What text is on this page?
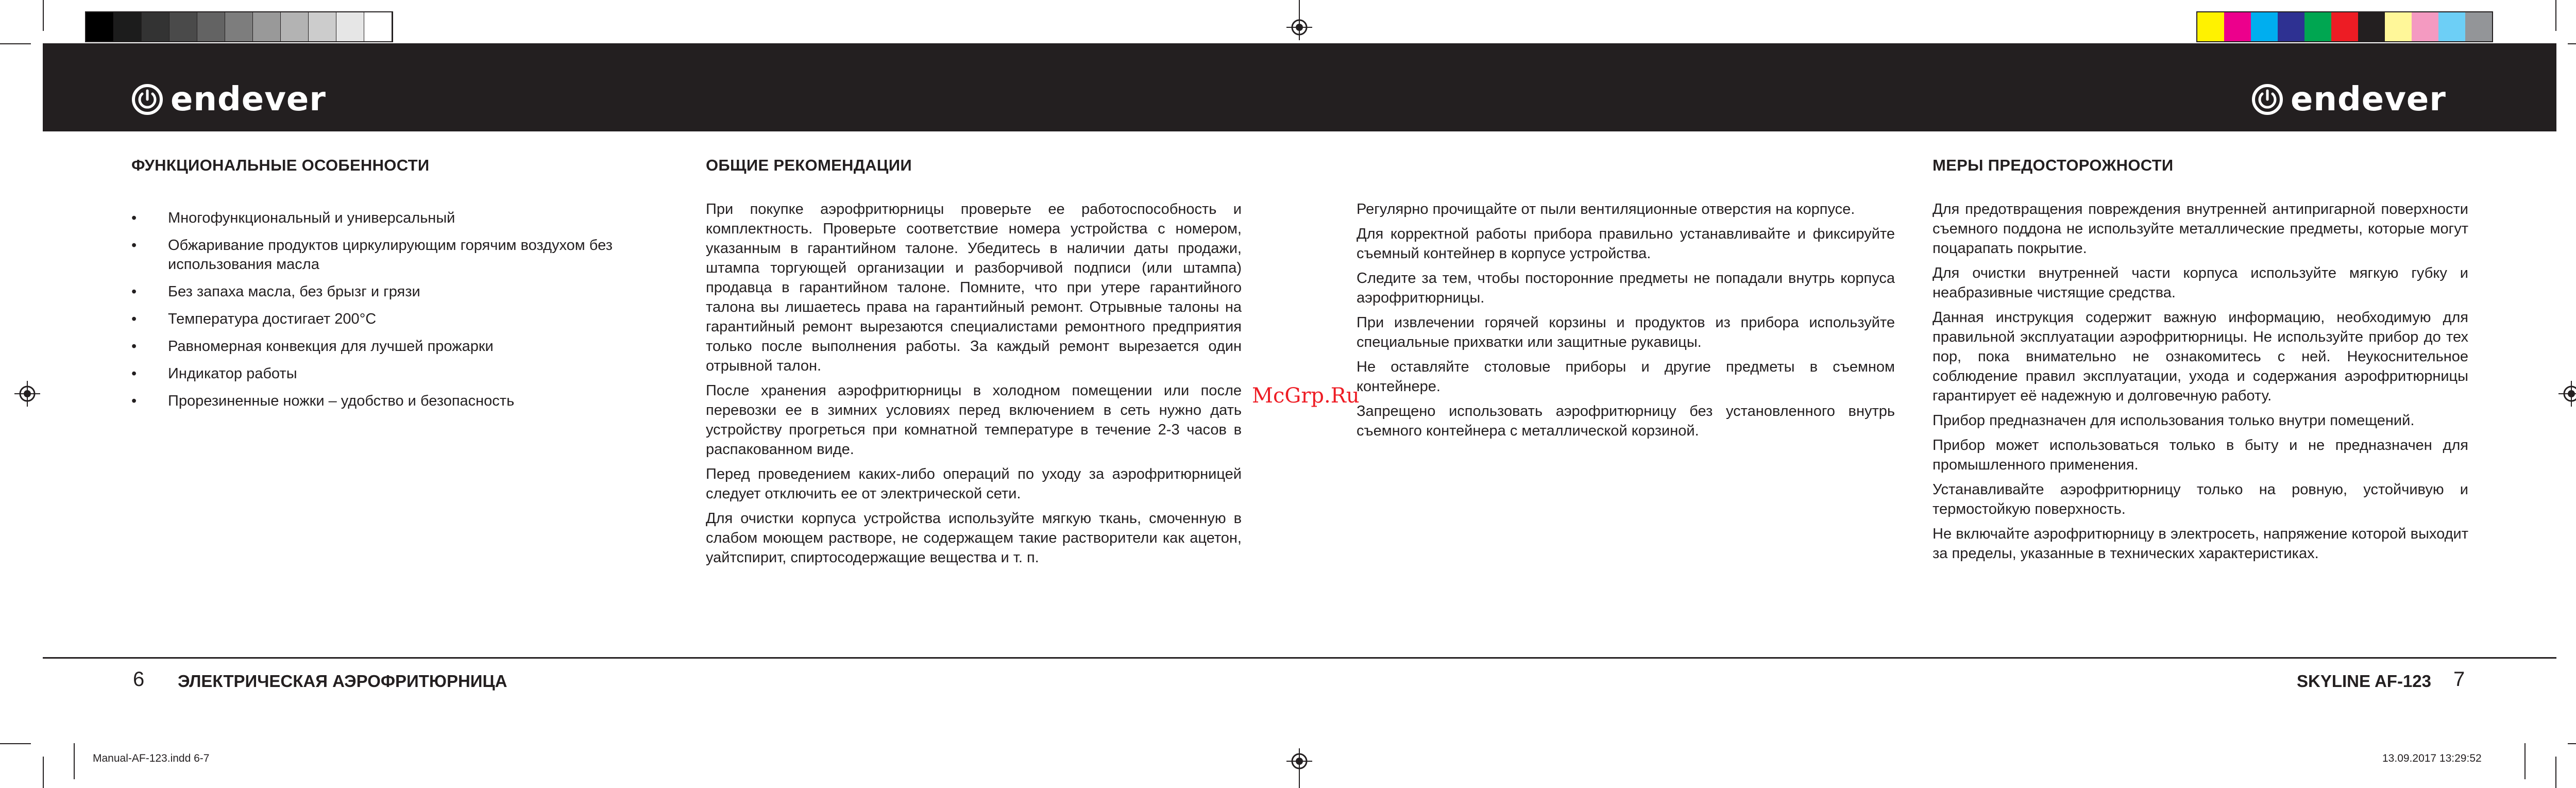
endever	endever
ФУНКЦИОНАЛЬНЫЕ ОСОБЕННОСТИ
• Многофункциональный и универсальный
• Обжаривание продуктов циркулирующим горячим воздухом без использования масла
• Без запаха масла, без брызг и грязи
• Температура достигает 200°C
• Равномерная конвекция для лучшей прожарки
• Индикатор работы
• Прорезиненные ножки – удобство и безопасность
ОБЩИЕ РЕКОМЕНДАЦИИ

При покупке аэрофритюрницы проверьте ее работоспособность и комплектность. Проверьте соответствие номера устройства с номером, указанным в гарантийном талоне. Убедитесь в наличии даты продажи, штампа торгующей организации и разборчивой подписи (или штампа) продавца в гарантийном талоне. Помните, что при утере гарантийного талона вы лишаетесь права на гарантийный ремонт. Отрывные талоны на гарантийный ремонт вырезаются специалистами ремонтного предприятия только после выполнения работы. За каждый ремонт вырезается один отрывной талон.

После хранения аэрофритюрницы в холодном помещении или после перевозки ее в зимних условиях перед включением в сеть нужно дать устройству прогреться при комнатной температуре в течение 2-3 часов в распакованном виде.

Перед проведением каких-либо операций по уходу за аэрофритюрницей следует отключить ее от электрической сети.

Для очистки корпуса устройства используйте мягкую ткань, смоченную в слабом моющем растворе, не содержащем такие растворители как ацетон, уайтспирит, спиртосодержащие вещества и т. п.

McGrp.Ru

Регулярно прочищайте от пыли вентиляционные отверстия на корпусе.

Для корректной работы прибора правильно устанавливайте и фиксируйте съемный контейнер в корпусе устройства.

Следите за тем, чтобы посторонние предметы не попадали внутрь корпуса аэрофритюрницы.

При извлечении горячей корзины и продуктов из прибора используйте специальные прихватки или защитные рукавицы.

Не оставляйте столовые приборы и другие предметы в съемном контейнере.

Запрещено использовать аэрофритюрницу без установленного внутрь съемного контейнера с металлической корзиной.

МЕРЫ ПРЕДОСТОРОЖНОСТИ

Для предотвращения повреждения внутренней антипригарной поверхности съемного поддона не используйте металлические предметы, которые могут поцарапать покрытие.

Для очистки внутренней части корпуса используйте мягкую губку и неабразивные чистящие средства.

Данная инструкция содержит важную информацию, необходимую для правильной эксплуатации аэрофритюрницы. Не используйте прибор до тех пор, пока внимательно не ознакомитесь с ней. Неукоснительное соблюдение правил эксплуатации, ухода и содержания аэрофритюрницы гарантирует её надежную и долговечную работу.

Прибор предназначен для использования только внутри помещений.

Прибор может использоваться только в быту и не предназначен для промышленного применения.

Устанавливайте аэрофритюрницу только на ровную, устойчивую и термостойкую поверхность.

Не включайте аэрофритюрницу в электросеть, напряжение которой выходит за пределы, указанные в технических характеристиках.

6 ЭЛЕКТРИЧЕСКАЯ АЭРОФРИТЮРНИЦА	SKYLINE AF-123 7
Manual-AF-123.indd 6-7	13.09.2017 13:29:52
